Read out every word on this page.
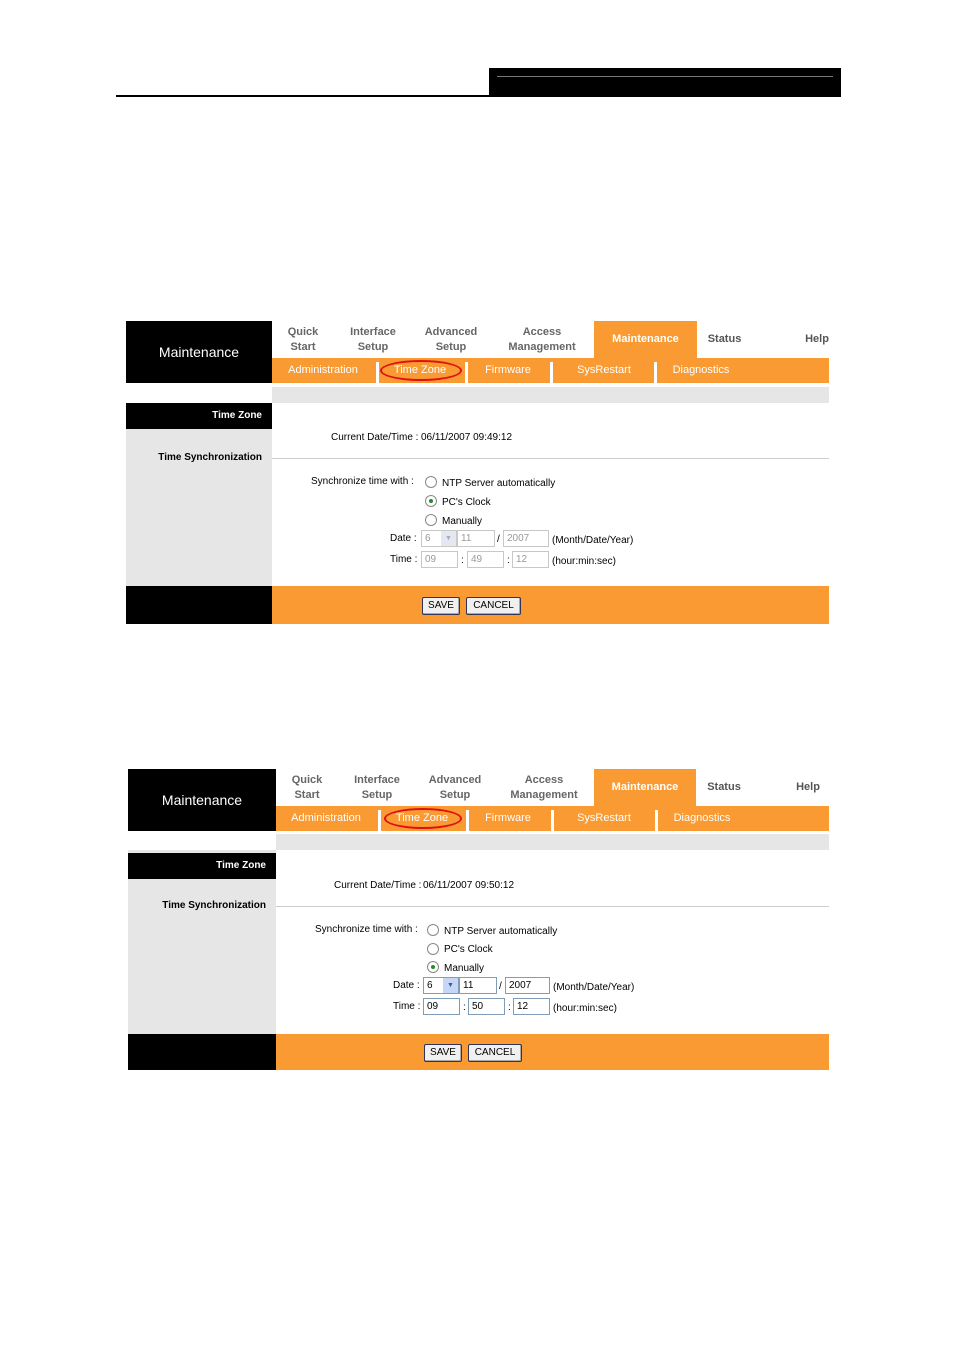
Maintenance
Quick
Start
Interface
Setup
Advanced
Setup
Access
Management
Maintenance	Status	Help
Administration	Time Zone	Firmware	SysRestart	Diagnostics
Time Zone
Time Synchronization
Current Date/Time : 06/11/2007 09:49:12
Synchronize time with :	NTP Server automatically
PC's Clock
Manually
Date : 6	▼ 11	/ 2007	(Month/Date/Year)
Time : 09	: 49	: 12	(hour:min:sec)
SAVE	CANCEL
Maintenance
Quick
Start
Interface
Setup
Advanced
Setup
Access
Management
Maintenance	Status	Help
Administration	Time Zone	Firmware	SysRestart	Diagnostics
Time Zone
Time Synchronization
Current Date/Time : 06/11/2007 09:50:12
Synchronize time with :	NTP Server automatically
PC's Clock
Manually
Date : 6	▼ 11	/ 2007	(Month/Date/Year)
Time : 09	: 50	: 12	(hour:min:sec)
SAVE	CANCEL
